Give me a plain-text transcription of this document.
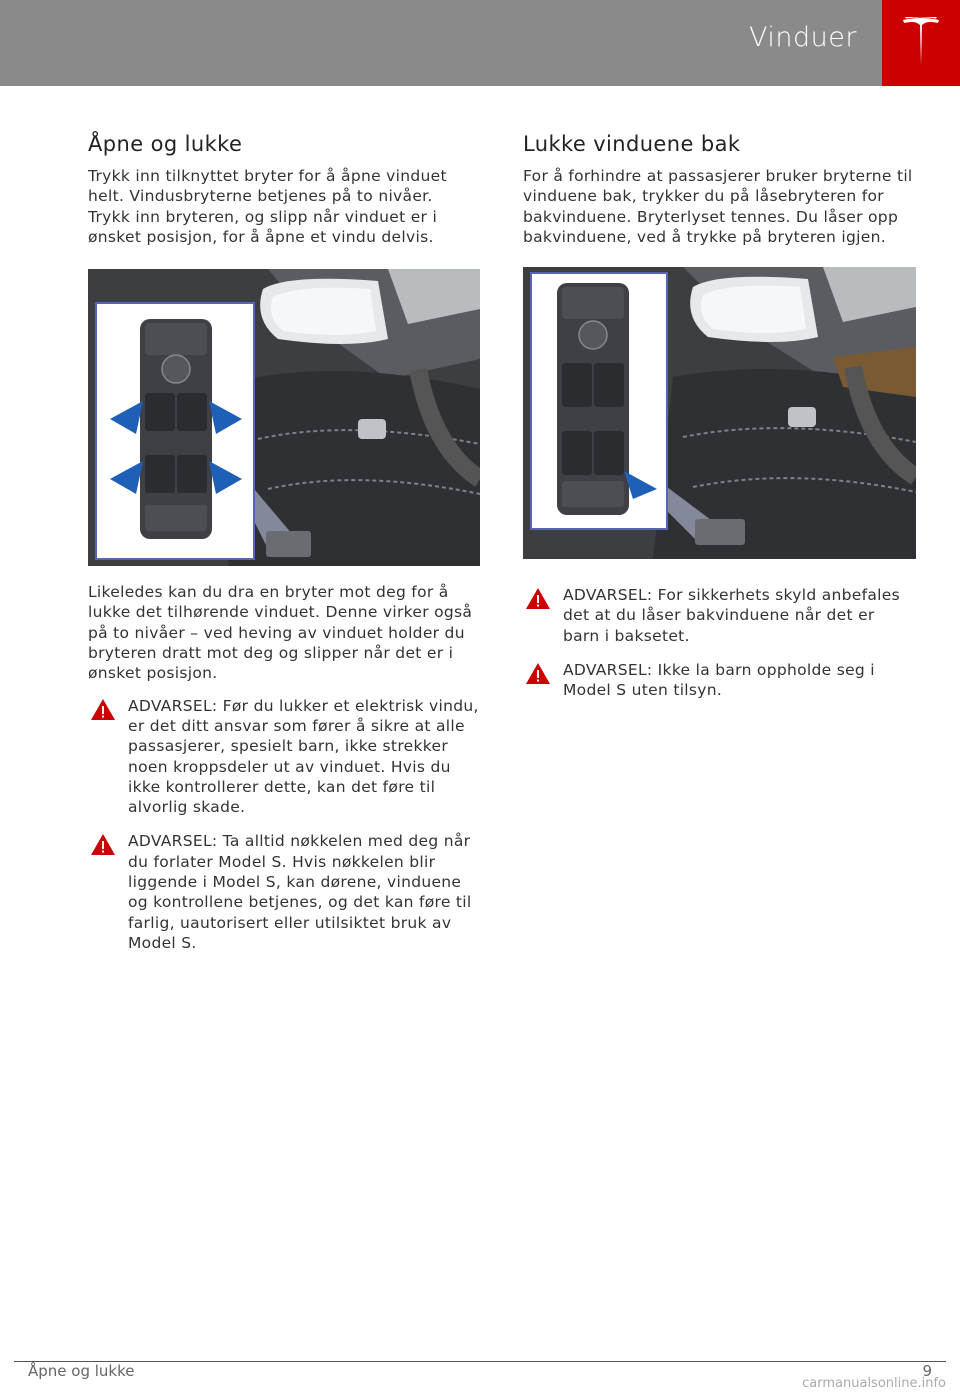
Vinduer
Åpne og lukke

Trykk inn tilknyttet bryter for å åpne vinduet helt. Vindusbryterne betjenes på to nivåer. Trykk inn bryteren, og slipp når vinduet er i ønsket posisjon, for å åpne et vindu delvis.

Likeledes kan du dra en bryter mot deg for å lukke det tilhørende vinduet. Denne virker også på to nivåer – ved heving av vinduet holder du bryteren dratt mot deg og slipper når det er i ønsket posisjon.

ADVARSEL: Før du lukker et elektrisk vindu, er det ditt ansvar som fører å sikre at alle passasjerer, spesielt barn, ikke strekker noen kroppsdeler ut av vinduet. Hvis du ikke kontrollerer dette, kan det føre til alvorlig skade.
ADVARSEL: Ta alltid nøkkelen med deg når du forlater Model S. Hvis nøkkelen blir liggende i Model S, kan dørene, vinduene og kontrollene betjenes, og det kan føre til farlig, uautorisert eller utilsiktet bruk av Model S.
Lukke vinduene bak

For å forhindre at passasjerer bruker bryterne til vinduene bak, trykker du på låsebryteren for bakvinduene. Bryterlyset tennes. Du låser opp bakvinduene, ved å trykke på bryteren igjen.

ADVARSEL: For sikkerhets skyld anbefales det at du låser bakvinduene når det er barn i baksetet.
ADVARSEL: Ikke la barn oppholde seg i Model S uten tilsyn.
Åpne og lukke	9
carmanualsonline.info
